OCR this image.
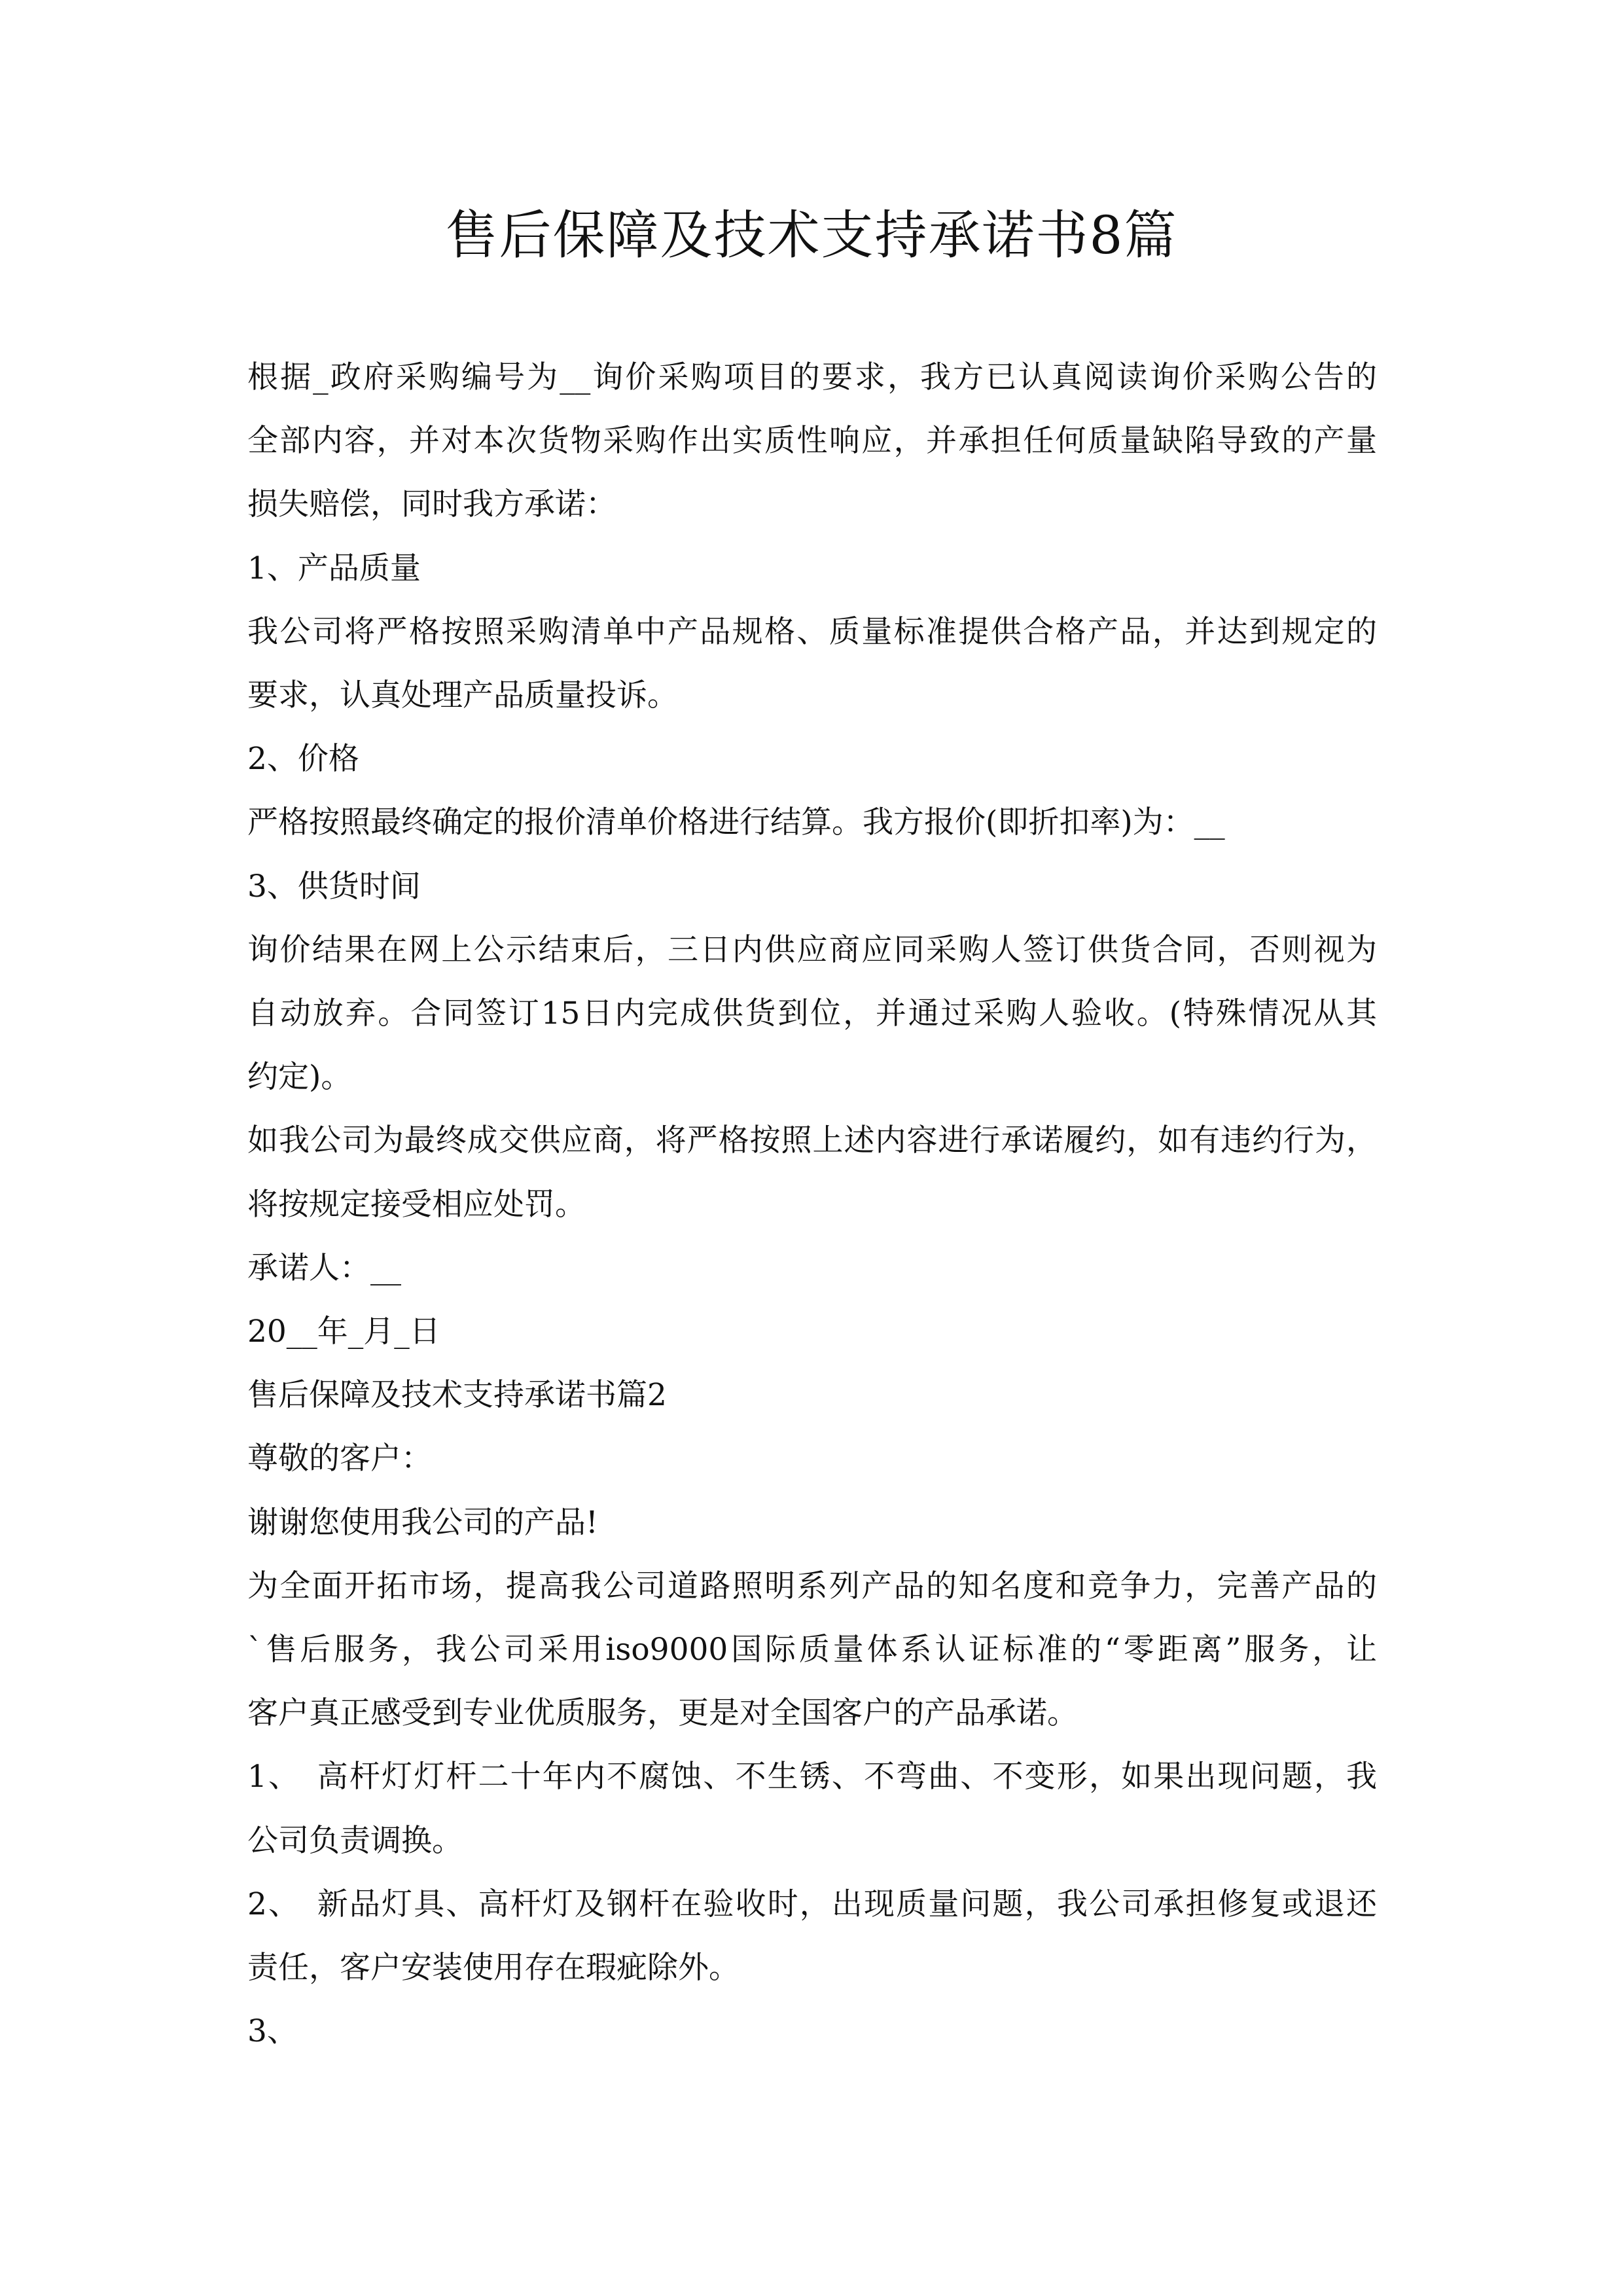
售后保障及技术支持承诺书8篇
根据_政府采购编号为__询价采购项目的要求，我方已认真阅读询价采购公告的
全部内容，并对本次货物采购作出实质性响应，并承担任何质量缺陷导致的产量
损失赔偿，同时我方承诺：
1、产品质量
我公司将严格按照采购清单中产品规格、质量标准提供合格产品，并达到规定的
要求，认真处理产品质量投诉。
2、价格
严格按照最终确定的报价清单价格进行结算。我方报价(即折扣率)为：__
3、供货时间
询价结果在网上公示结束后，三日内供应商应同采购人签订供货合同，否则视为
自动放弃。合同签订15日内完成供货到位，并通过采购人验收。(特殊情况从其
约定)。
如我公司为最终成交供应商，将严格按照上述内容进行承诺履约，如有违约行为，
将按规定接受相应处罚。
承诺人：__
20__年_月_日
售后保障及技术支持承诺书篇2
尊敬的客户：
谢谢您使用我公司的产品!
为全面开拓市场，提高我公司道路照明系列产品的知名度和竞争力，完善产品的
`售后服务，我公司采用iso9000国际质量体系认证标准的“零距离”服务，让
客户真正感受到专业优质服务，更是对全国客户的产品承诺。
1、　高杆灯灯杆二十年内不腐蚀、不生锈、不弯曲、不变形，如果出现问题，我
公司负责调换。
2、　新品灯具、高杆灯及钢杆在验收时，出现质量问题，我公司承担修复或退还
责任，客户安装使用存在瑕疵除外。
3、
